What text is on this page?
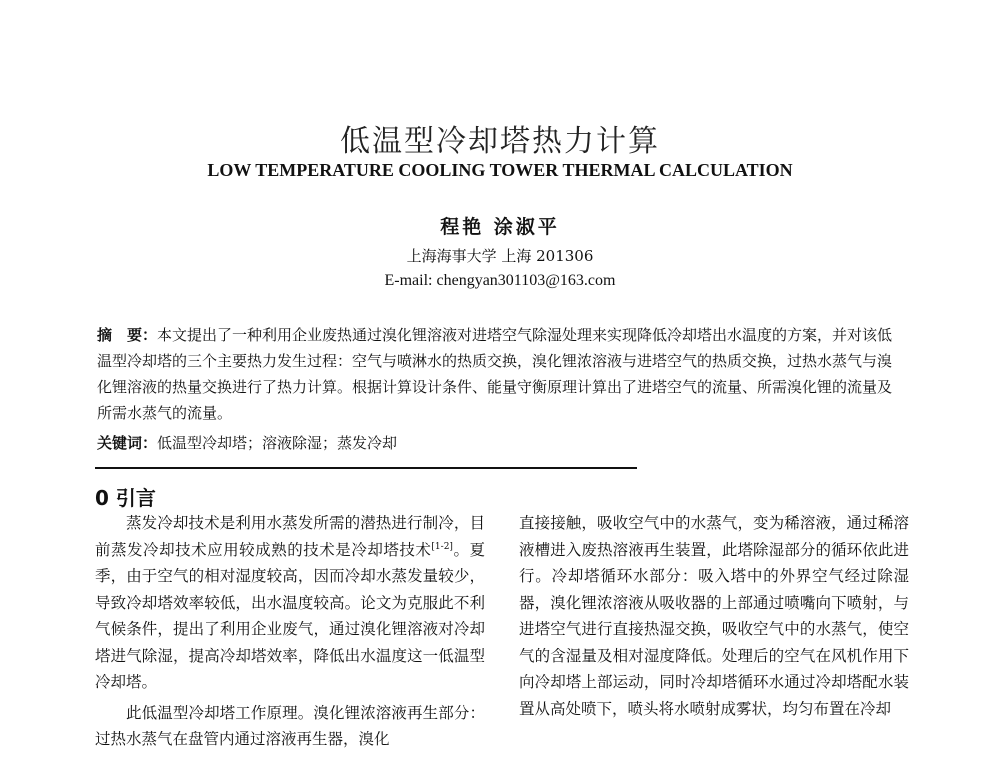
低温型冷却塔热力计算
LOW TEMPERATURE COOLING TOWER THERMAL CALCULATION
程艳 涂淑平
上海海事大学 上海 201306
E-mail: chengyan301103@163.com
摘　要：本文提出了一种利用企业废热通过溴化锂溶液对进塔空气除湿处理来实现降低冷却塔出水温度的方案，并对该低温型冷却塔的三个主要热力发生过程：空气与喷淋水的热质交换，溴化锂浓溶液与进塔空气的热质交换，过热水蒸气与溴化锂溶液的热量交换进行了热力计算。根据计算设计条件、能量守衡原理计算出了进塔空气的流量、所需溴化锂的流量及所需水蒸气的流量。
关键词：低温型冷却塔；溶液除湿；蒸发冷却
0 引言

蒸发冷却技术是利用水蒸发所需的潜热进行制冷，目前蒸发冷却技术应用较成熟的技术是冷却塔技术[1-2]。夏季，由于空气的相对湿度较高，因而冷却水蒸发量较少，导致冷却塔效率较低，出水温度较高。论文为克服此不利气候条件，提出了利用企业废气，通过溴化锂溶液对冷却塔进气除湿，提高冷却塔效率，降低出水温度这一低温型冷却塔。

此低温型冷却塔工作原理。溴化锂浓溶液再生部分：过热水蒸气在盘管内通过溶液再生器，溴化

直接接触，吸收空气中的水蒸气，变为稀溶液，通过稀溶液槽进入废热溶液再生装置，此塔除湿部分的循环依此进行。冷却塔循环水部分：吸入塔中的外界空气经过除湿器，溴化锂浓溶液从吸收器的上部通过喷嘴向下喷射，与进塔空气进行直接热湿交换，吸收空气中的水蒸气，使空气的含湿量及相对湿度降低。处理后的空气在风机作用下向冷却塔上部运动，同时冷却塔循环水通过冷却塔配水装置从高处喷下，喷头将水喷射成雾状，均匀布置在冷却
